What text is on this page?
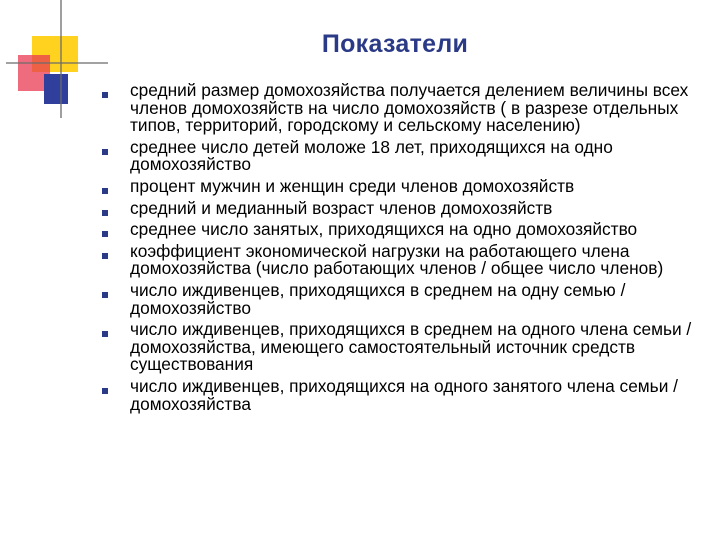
Показатели
средний размер домохозяйства получается делением величины всех членов домохозяйств на число домохозяйств ( в разрезе отдельных типов, территорий, городскому и сельскому населению)
среднее число детей моложе 18 лет, приходящихся на одно домохозяйство
процент мужчин и женщин среди членов домохозяйств
средний и медианный возраст членов домохозяйств
среднее число занятых, приходящихся на одно домохозяйство
коэффициент экономической нагрузки на работающего члена домохозяйства (число работающих членов / общее число членов)
число иждивенцев, приходящихся в среднем на одну семью / домохозяйство
число иждивенцев, приходящихся в среднем на одного члена семьи / домохозяйства, имеющего самостоятельный источник средств существования
число иждивенцев, приходящихся на одного занятого члена семьи / домохозяйства
